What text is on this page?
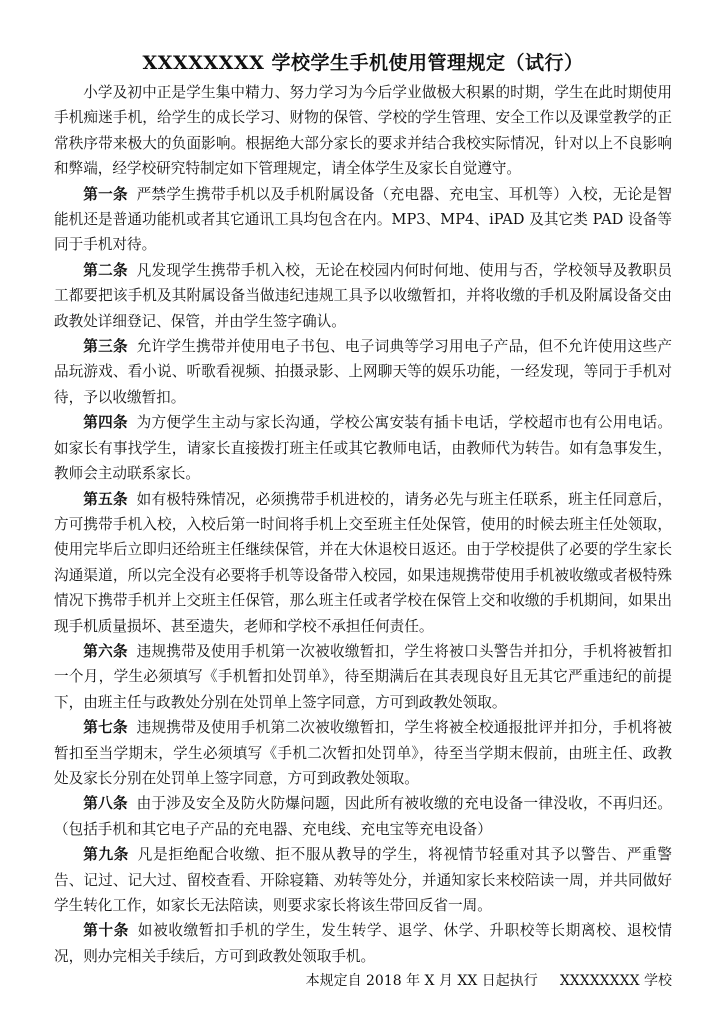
XXXXXXXX 学校学生手机使用管理规定（试行）

小学及初中正是学生集中精力、努力学习为今后学业做极大积累的时期，学生在此时期使用手机痴迷手机，给学生的成长学习、财物的保管、学校的学生管理、安全工作以及课堂教学的正常秩序带来极大的负面影响。根据绝大部分家长的要求并结合我校实际情况，针对以上不良影响和弊端，经学校研究特制定如下管理规定，请全体学生及家长自觉遵守。

第一条 严禁学生携带手机以及手机附属设备（充电器、充电宝、耳机等）入校，无论是智能机还是普通功能机或者其它通讯工具均包含在内。MP3、MP4、iPAD 及其它类 PAD 设备等同于手机对待。

第二条 凡发现学生携带手机入校，无论在校园内何时何地、使用与否，学校领导及教职员工都要把该手机及其附属设备当做违纪违规工具予以收缴暂扣，并将收缴的手机及附属设备交由政教处详细登记、保管，并由学生签字确认。

第三条 允许学生携带并使用电子书包、电子词典等学习用电子产品，但不允许使用这些产品玩游戏、看小说、听歌看视频、拍摄录影、上网聊天等的娱乐功能，一经发现，等同于手机对待，予以收缴暂扣。

第四条 为方便学生主动与家长沟通，学校公寓安装有插卡电话，学校超市也有公用电话。如家长有事找学生，请家长直接拨打班主任或其它教师电话，由教师代为转告。如有急事发生，教师会主动联系家长。

第五条 如有极特殊情况，必须携带手机进校的，请务必先与班主任联系，班主任同意后，方可携带手机入校，入校后第一时间将手机上交至班主任处保管，使用的时候去班主任处领取，使用完毕后立即归还给班主任继续保管，并在大休退校日返还。由于学校提供了必要的学生家长沟通渠道，所以完全没有必要将手机等设备带入校园，如果违规携带使用手机被收缴或者极特殊情况下携带手机并上交班主任保管，那么班主任或者学校在保管上交和收缴的手机期间，如果出现手机质量损坏、甚至遗失，老师和学校不承担任何责任。

第六条 违规携带及使用手机第一次被收缴暂扣，学生将被口头警告并扣分，手机将被暂扣一个月，学生必须填写《手机暂扣处罚单》，待至期满后在其表现良好且无其它严重违纪的前提下，由班主任与政教处分别在处罚单上签字同意，方可到政教处领取。

第七条 违规携带及使用手机第二次被收缴暂扣，学生将被全校通报批评并扣分，手机将被暂扣至当学期末，学生必须填写《手机二次暂扣处罚单》，待至当学期末假前，由班主任、政教处及家长分别在处罚单上签字同意，方可到政教处领取。

第八条 由于涉及安全及防火防爆问题，因此所有被收缴的充电设备一律没收，不再归还。（包括手机和其它电子产品的充电器、充电线、充电宝等充电设备）

第九条 凡是拒绝配合收缴、拒不服从教导的学生，将视情节轻重对其予以警告、严重警告、记过、记大过、留校查看、开除寝籍、劝转等处分，并通知家长来校陪读一周，并共同做好学生转化工作，如家长无法陪读，则要求家长将该生带回反省一周。

第十条 如被收缴暂扣手机的学生，发生转学、退学、休学、升职校等长期离校、退校情况，则办完相关手续后，方可到政教处领取手机。

本规定自 2018 年 X 月 XX 日起执行 XXXXXXXX 学校
